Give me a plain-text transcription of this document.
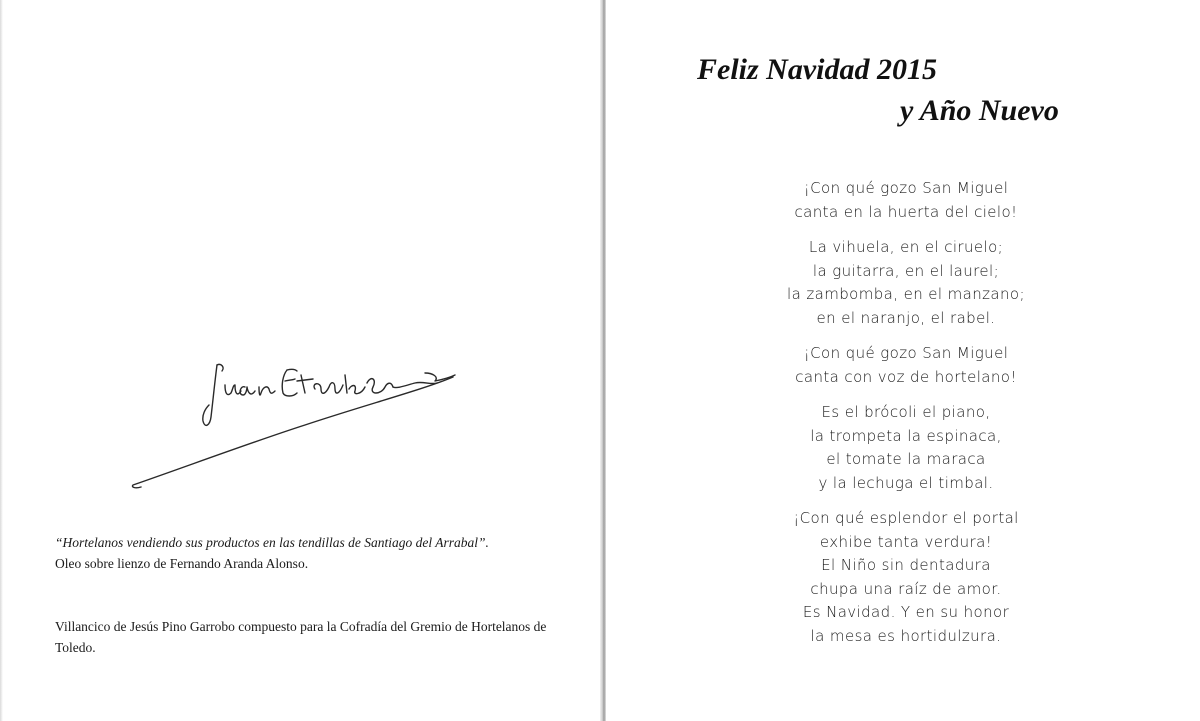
“Hortelanos vendiendo sus productos en las tendillas de Santiago del Arrabal”.
Oleo sobre lienzo de Fernando Aranda Alonso.
Villancico de Jesús Pino Garrobo compuesto para la Cofradía del Gremio de Hortelanos de Toledo.
Feliz Navidad 2015
y Año Nuevo
¡Con qué gozo San Miguel
canta en la huerta del cielo!
La vihuela, en el ciruelo;
la guitarra, en el laurel;
la zambomba, en el manzano;
en el naranjo, el rabel.
¡Con qué gozo San Miguel
canta con voz de hortelano!
Es el brócoli el piano,
la trompeta la espinaca,
el tomate la maraca
y la lechuga el timbal.
¡Con qué esplendor el portal
exhibe tanta verdura!
El Niño sin dentadura
chupa una raíz de amor.
Es Navidad. Y en su honor
la mesa es hortidulzura.
